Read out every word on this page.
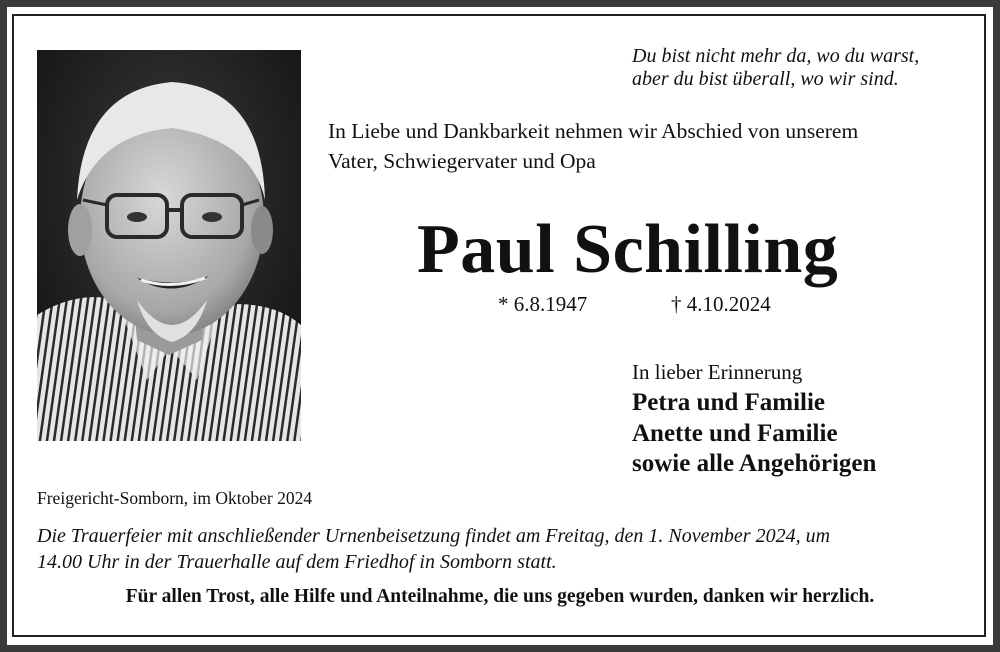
Du bist nicht mehr da, wo du warst,
aber du bist überall, wo wir sind.
In Liebe und Dankbarkeit nehmen wir Abschied von unserem
Vater, Schwiegervater und Opa
Paul Schilling
* 6.8.1947	† 4.10.2024
In lieber Erinnerung
Petra und Familie
Anette und Familie
sowie alle Angehörigen
Freigericht-Somborn, im Oktober 2024
Die Trauerfeier mit anschließender Urnenbeisetzung findet am Freitag, den 1. November 2024, um
14.00 Uhr in der Trauerhalle auf dem Friedhof in Somborn statt.
Für allen Trost, alle Hilfe und Anteilnahme, die uns gegeben wurden, danken wir herzlich.
